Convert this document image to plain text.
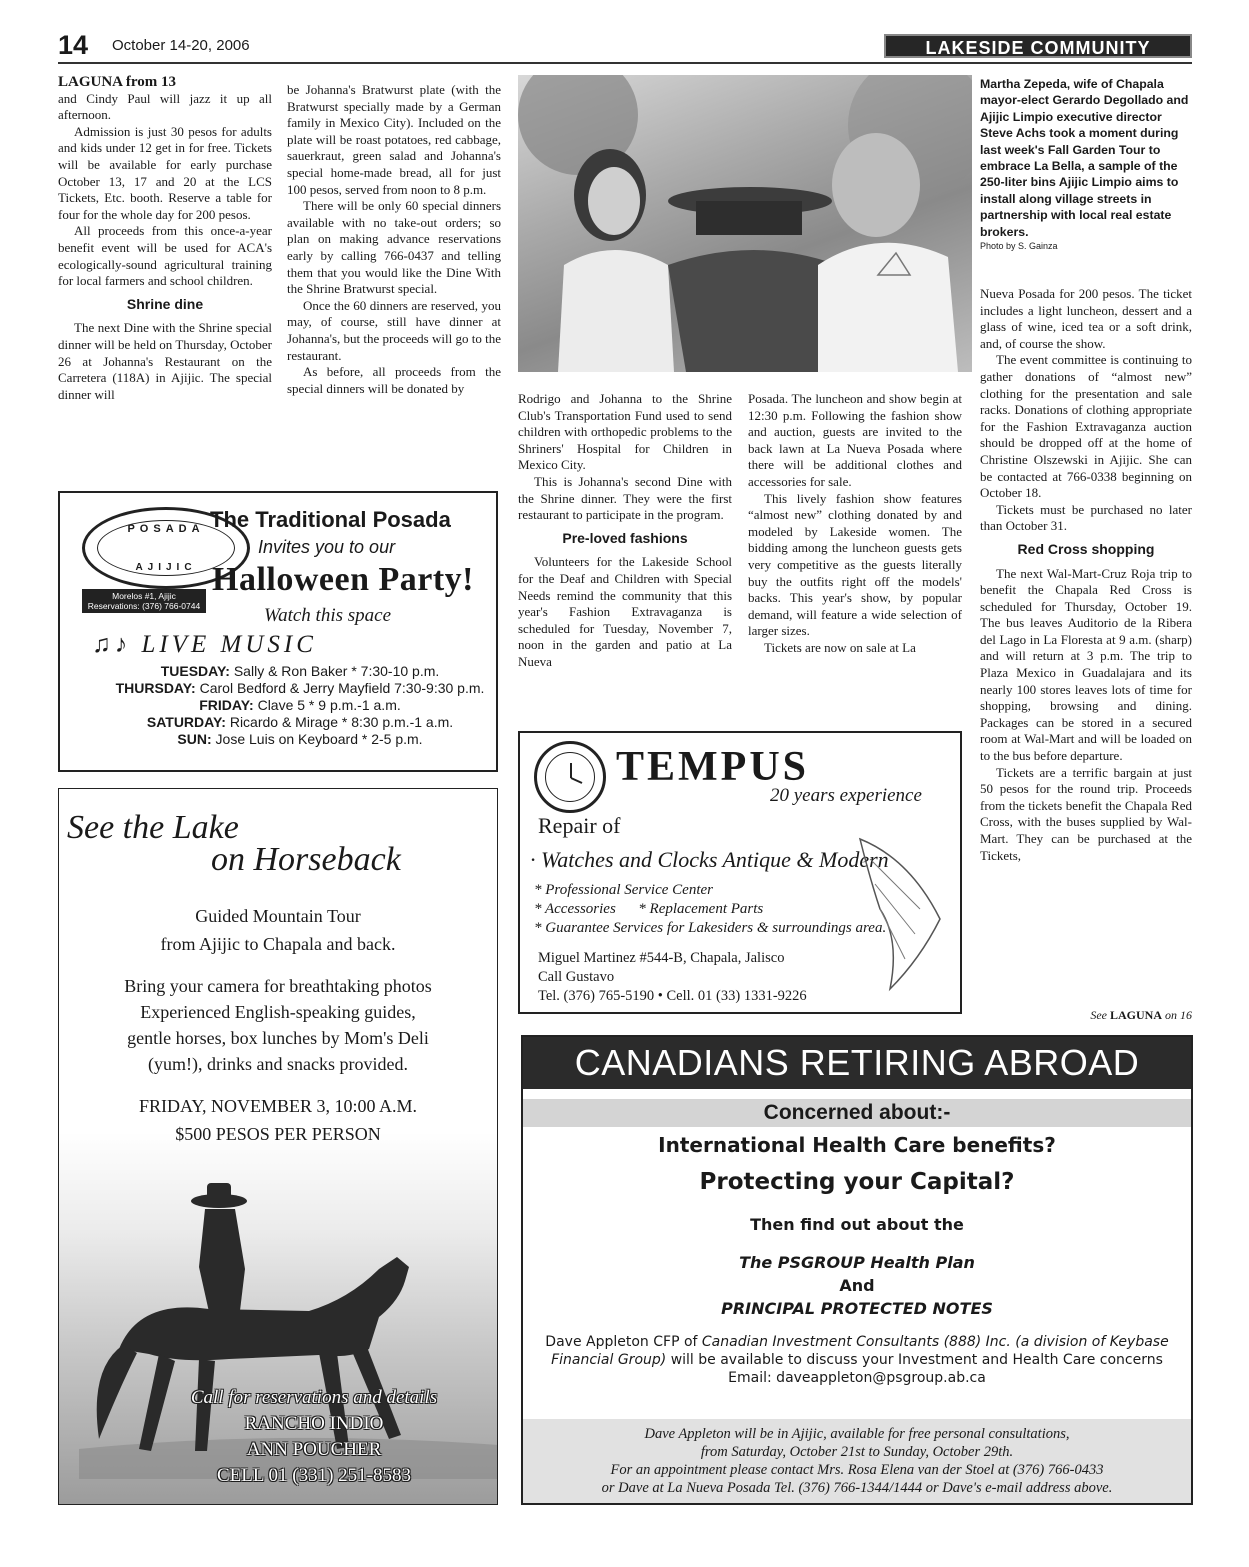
14 October 14-20, 2006	LAKESIDE COMMUNITY

LAGUNA from 13

and Cindy Paul will jazz it up all afternoon.

Admission is just 30 pesos for adults and kids under 12 get in for free. Tickets will be available for early purchase October 13, 17 and 20 at the LCS Tickets, Etc. booth. Reserve a table for four for the whole day for 200 pesos.

All proceeds from this once-a-year benefit event will be used for ACA's ecologically-sound agricultural training for local farmers and school children.

Shrine dine

The next Dine with the Shrine special dinner will be held on Thursday, October 26 at Johanna's Restaurant on the Carretera (118A) in Ajijic. The special dinner will

be Johanna's Bratwurst plate (with the Bratwurst specially made by a German family in Mexico City). Included on the plate will be roast potatoes, red cabbage, sauerkraut, green salad and Johanna's special home-made bread, all for just 100 pesos, served from noon to 8 p.m.

There will be only 60 special dinners available with no take-out orders; so plan on making advance reservations early by calling 766-0437 and telling them that you would like the Dine With the Shrine Bratwurst special.

Once the 60 dinners are reserved, you may, of course, still have dinner at Johanna's, but the proceeds will go to the restaurant.

As before, all proceeds from the special dinners will be donated by

Martha Zepeda, wife of Chapala mayor-elect Gerardo Degollado and Ajijic Limpio executive director Steve Achs took a moment during last week's Fall Garden Tour to embrace La Bella, a sample of the 250-liter bins Ajijic Limpio aims to install along village streets in partnership with local real estate brokers.
Photo by S. Gainza

Nueva Posada for 200 pesos. The ticket includes a light luncheon, dessert and a glass of wine, iced tea or a soft drink, and, of course the show.

The event committee is continuing to gather donations of “almost new” clothing for the presentation and sale racks. Donations of clothing appropriate for the Fashion Extravaganza auction should be dropped off at the home of Christine Olszewski in Ajijic. She can be contacted at 766-0338 beginning on October 18.

Tickets must be purchased no later than October 31.

Red Cross shopping

The next Wal-Mart-Cruz Roja trip to benefit the Chapala Red Cross is scheduled for Thursday, October 19. The bus leaves Auditorio de la Ribera del Lago in La Floresta at 9 a.m. (sharp) and will return at 3 p.m. The trip to Plaza Mexico in Guadalajara and its nearly 100 stores leaves lots of time for shopping, browsing and dining. Packages can be stored in a secured room at Wal-Mart and will be loaded on to the bus before departure.

Tickets are a terrific bargain at just 50 pesos for the round trip. Proceeds from the tickets benefit the Chapala Red Cross, with the buses supplied by Wal-Mart. They can be purchased at the Tickets,

Rodrigo and Johanna to the Shrine Club's Transportation Fund used to send children with orthopedic problems to the Shriners' Hospital for Children in Mexico City.

This is Johanna's second Dine with the Shrine dinner. They were the first restaurant to participate in the program.

Pre-loved fashions

Volunteers for the Lakeside School for the Deaf and Children with Special Needs remind the community that this year's Fashion Extravaganza is scheduled for Tuesday, November 7, noon in the garden and patio at La Nueva

Posada. The luncheon and show begin at 12:30 p.m. Following the fashion show and auction, guests are invited to the back lawn at La Nueva Posada where there will be additional clothes and accessories for sale.

This lively fashion show features “almost new” clothing donated by and modeled by Lakeside women. The bidding among the luncheon guests gets very competitive as the guests literally buy the outfits right off the models' backs. This year's show, by popular demand, will feature a wide selection of larger sizes.

Tickets are now on sale at La

POSADA
AJIJIC
Morelos #1, Ajijic
Reservations: (376) 766-0744
The Traditional Posada
Invites you to our
Halloween Party!
Watch this space
♫♪ LIVE MUSIC
TUESDAY: Sally & Ron Baker * 7:30-10 p.m.
THURSDAY: Carol Bedford & Jerry Mayfield 7:30-9:30 p.m.
FRIDAY: Clave 5 * 9 p.m.-1 a.m.
SATURDAY: Ricardo & Mirage * 8:30 p.m.-1 a.m.
SUN: Jose Luis on Keyboard * 2-5 p.m.
See the Lake
on Horseback
Guided Mountain Tour
from Ajijic to Chapala and back.
Bring your camera for breathtaking photos
Experienced English-speaking guides,
gentle horses, box lunches by Mom's Deli
(yum!), drinks and snacks provided.
FRIDAY, NOVEMBER 3, 10:00 A.M.
$500 PESOS PER PERSON
Call for reservations and details
RANCHO INDIO
ANN POUCHER
CELL 01 (331) 251-8583
TEMPUS
20 years experience
Repair of
· Watches and Clocks Antique & Modern
* Professional Service Center
* Accessories      * Replacement Parts
* Guarantee Services for Lakesiders & surroundings area.
Miguel Martinez #544-B, Chapala, Jalisco
Call Gustavo
Tel. (376) 765-5190 • Cell. 01 (33) 1331-9226
See LAGUNA on 16
CANADIANS RETIRING ABROAD
Concerned about:-
International Health Care benefits?
Protecting your Capital?
Then find out about the
The PSGROUP Health Plan
And
PRINCIPAL PROTECTED NOTES
Dave Appleton CFP of Canadian Investment Consultants (888) Inc. (a division of Keybase Financial Group) will be available to discuss your Investment and Health Care concerns
Email: daveappleton@psgroup.ab.ca
Dave Appleton will be in Ajijic, available for free personal consultations,
from Saturday, October 21st to Sunday, October 29th.
For an appointment please contact Mrs. Rosa Elena van der Stoel at (376) 766-0433
or Dave at La Nueva Posada Tel. (376) 766-1344/1444 or Dave's e-mail address above.
